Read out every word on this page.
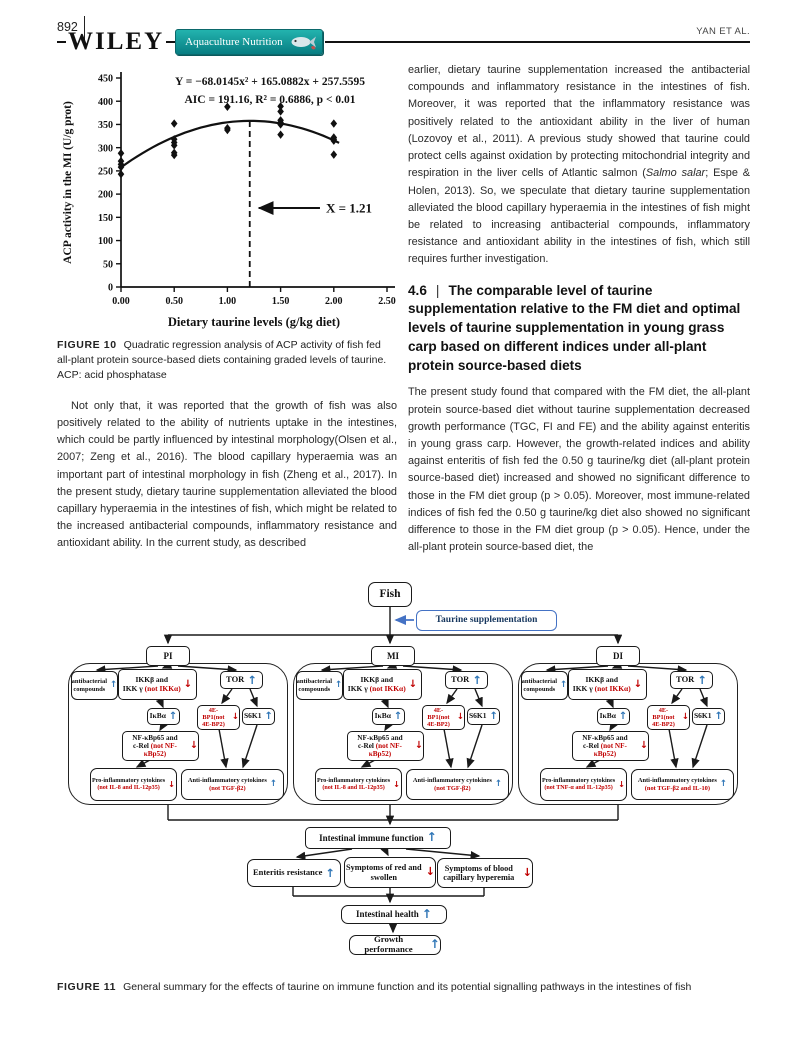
892
WILEY Aquaculture Nutrition
YAN ET AL.
0
50
100
150
200
250
300
350
400
450
0.00	0.50	1.00	1.50	2.00	2.50
X = 1.21
Y = −68.0145x² + 165.0882x + 257.5595
AIC = 191.16, R² = 0.6886, p < 0.01
ACP activity in the MI (U/g prot)
Dietary taurine levels (g/kg diet)

FIGURE 10 Quadratic regression analysis of ACP activity of fish fed all-plant protein source-based diets containing graded levels of taurine. ACP: acid phosphatase

Not only that, it was reported that the growth of fish was also positively related to the ability of nutrients uptake in the intestines, which could be partly influenced by intestinal morphology(Olsen et al., 2007; Zeng et al., 2016). The blood capillary hyperaemia was an important part of intestinal morphology in fish (Zheng et al., 2017). In the present study, dietary taurine supplementation alleviated the blood capillary hyperaemia in the intestines of fish, which might be related to the increased antibacterial compounds, inflammatory resistance and antioxidant ability. In the current study, as described

earlier, dietary taurine supplementation increased the antibacterial compounds and inflammatory resistance in the intestines of fish. Moreover, it was reported that the inflammatory resistance was positively related to the antioxidant ability in the liver of human (Lozovoy et al., 2011). A previous study showed that taurine could protect cells against oxidation by protecting mitochondrial integrity and respiration in the liver cells of Atlantic salmon (Salmo salar; Espe & Holen, 2013). So, we speculate that dietary taurine supplementation alleviated the blood capillary hyperaemia in the intestines of fish might be related to increasing antibacterial compounds, inflammatory resistance and antioxidant ability in the intestines of fish, which still requires further investigation.

4.6 | The comparable level of taurine supplementation relative to the FM diet and optimal levels of taurine supplementation in young grass carp based on different indices under all-plant protein source-based diets

The present study found that compared with the FM diet, the all-plant protein source-based diet without taurine supplementation decreased growth performance (TGC, FI and FE) and the ability against enteritis in young grass carp. However, the growth-related indices and ability against enteritis of fish fed the 0.50 g taurine/kg diet (all-plant protein source-based diet) increased and showed no significant difference to those in the FM diet group (p > 0.05). Moreover, most immune-related indices of fish fed the 0.50 g taurine/kg diet also showed no significant difference to those in the FM diet group (p > 0.05). Hence, under the all-plant protein source-based diet, the

Fish
Taurine supplementation
PI
antibacterial
compounds ↑	IKKβ and
IKK γ (not IKKα) ↓	TOR ↑
IκBα ↑
4E-BP1(not
4E-BP2)
↓ S6K1 ↑
NF-κBp65 and
c-Rel (not NF-κBp52)
↓
Pro-inflammatory cytokines
(not IL-8 and IL-12p35)	↓ Anti-inflammatory cytokines
(not TGF-β2)	↑
MI
antibacterial
compounds ↑	IKKβ and
IKK γ (not IKKα) ↓	TOR ↑
IκBα ↑
4E-BP1(not
4E-BP2)
↓ S6K1 ↑
NF-κBp65 and
c-Rel (not NF-κBp52)
↓
Pro-inflammatory cytokines
(not IL-8 and IL-12p35)	↓ Anti-inflammatory cytokines
(not TGF-β2)	↑
DI
antibacterial
compounds ↑	IKKβ and
IKK γ (not IKKα) ↓	TOR ↑
IκBα ↑
4E-BP1(not
4E-BP2)
↓ S6K1 ↑
NF-κBp65 and
c-Rel (not NF-κBp52)
↓
Pro-inflammatory cytokines
(not TNF-α and IL-12p35) ↓ Anti-inflammatory cytokines
(not TGF-β2 and IL-10)	↑
Intestinal immune function ↑
Enteritis resistance ↑ Symptoms of red and swollen	↓	Symptoms of blood capillary hyperemia ↓
Intestinal health ↑
Growth performance	↑

FIGURE 11 General summary for the effects of taurine on immune function and its potential signalling pathways in the intestines of fish
